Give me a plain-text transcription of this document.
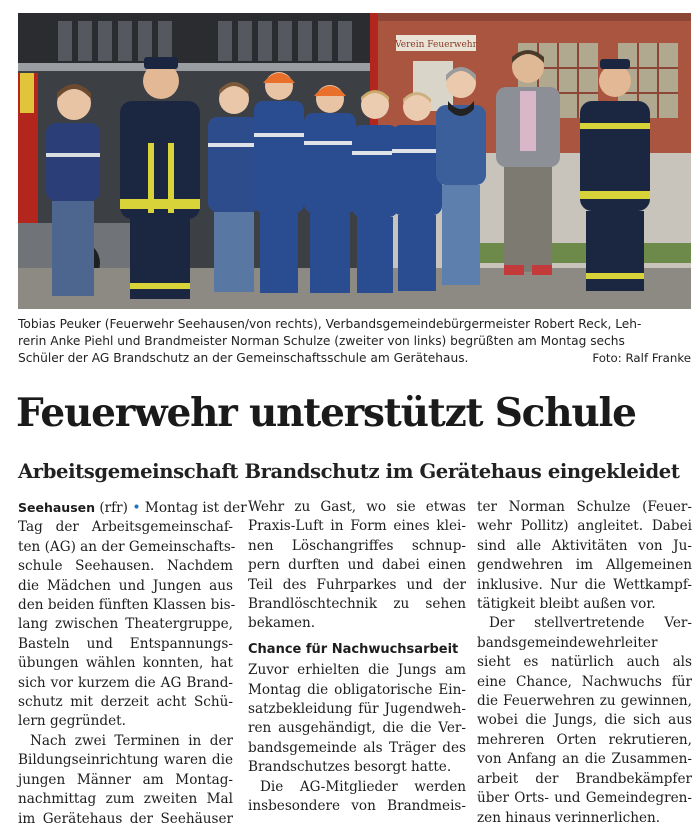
Verein Feuerwehr
Tobias Peuker (Feuerwehr Seehausen/von rechts), Verbandsgemeindebürgermeister Robert Reck, Leh-
rerin Anke Piehl und Brandmeister Norman Schulze (zweiter von links) begrüßten am Montag sechs
Schüler der AG Brandschutz an der Gemeinschaftsschule am Gerätehaus.	Foto: Ralf Franke
Feuerwehr unterstützt Schule
Arbeitsgemeinschaft Brandschutz im Gerätehaus eingekleidet
Seehausen (rfr) • Montag ist der
Tag der Arbeitsgemeinschaf-
ten (AG) an der Gemeinschafts-
schule Seehausen. Nachdem
die Mädchen und Jungen aus
den beiden fünften Klassen bis-
lang zwischen Theatergruppe,
Basteln und Entspannungs-
übungen wählen konnten, hat
sich vor kurzem die AG Brand-
schutz mit derzeit acht Schü-
lern gegründet.
Nach zwei Terminen in der
Bildungseinrichtung waren die
jungen Männer am Montag-
nachmittag zum zweiten Mal
im Gerätehaus der Seehäuser
Wehr zu Gast, wo sie etwas
Praxis-Luft in Form eines klei-
nen Löschangriffes schnup-
pern durften und dabei einen
Teil des Fuhrparkes und der
Brandlöschtechnik zu sehen
bekamen.
Chance für Nachwuchsarbeit
Zuvor erhielten die Jungs am
Montag die obligatorische Ein-
satzbekleidung für Jugendweh-
ren ausgehändigt, die die Ver-
bandsgemeinde als Träger des
Brandschutzes besorgt hatte.
Die AG-Mitglieder werden
insbesondere von Brandmeis-
ter Norman Schulze (Feuer-
wehr Pollitz) angleitet. Dabei
sind alle Aktivitäten von Ju-
gendwehren im Allgemeinen
inklusive. Nur die Wettkampf-
tätigkeit bleibt außen vor.
Der stellvertretende Ver-
bandsgemeindewehrleiter
sieht es natürlich auch als
eine Chance, Nachwuchs für
die Feuerwehren zu gewinnen,
wobei die Jungs, die sich aus
mehreren Orten rekrutieren,
von Anfang an die Zusammen-
arbeit der Brandbekämpfer
über Orts- und Gemeindegren-
zen hinaus verinnerlichen.
